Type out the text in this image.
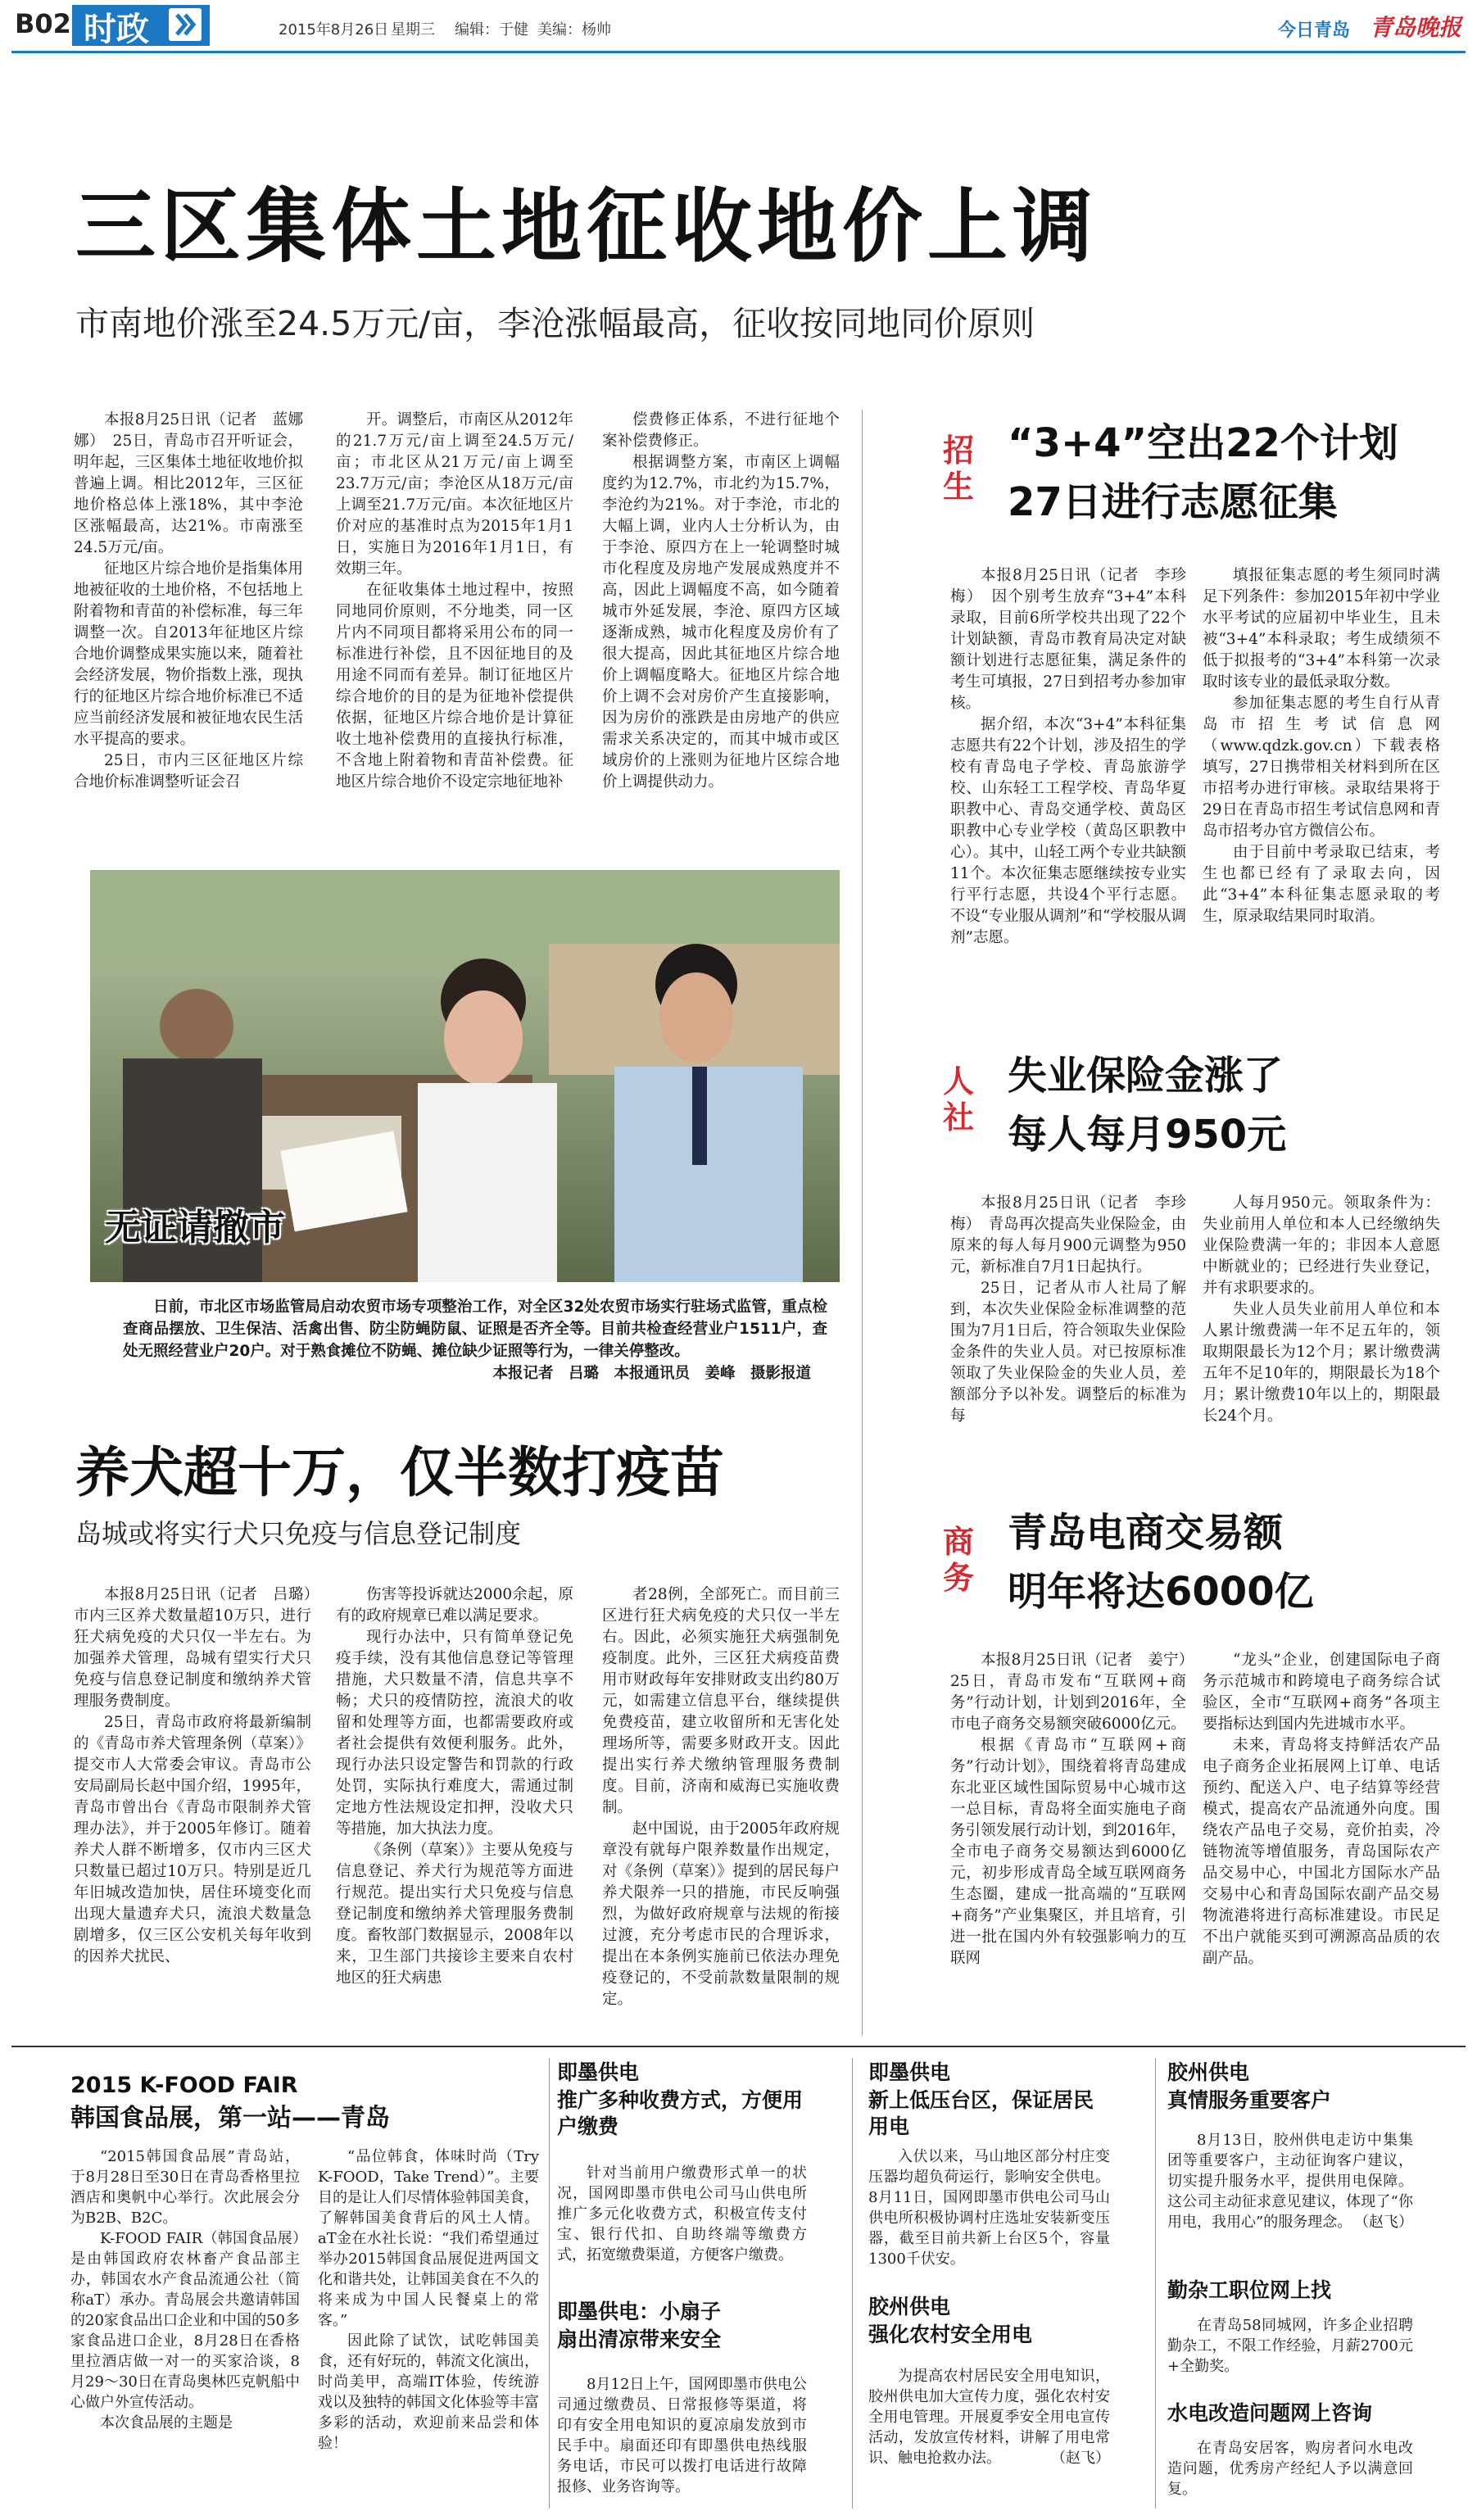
B02 时政	2015年8月26日 星期三 编辑：于健 美编：杨帅	今日青岛 青岛晚报
三区集体土地征收地价上调
市南地价涨至24.5万元/亩，李沧涨幅最高，征收按同地同价原则

本报8月25日讯（记者　蓝娜娜）　25日，青岛市召开听证会，明年起，三区集体土地征收地价拟普遍上调。相比2012年，三区征地价格总体上涨18%，其中李沧区涨幅最高，达21%。市南涨至24.5万元/亩。

征地区片综合地价是指集体用地被征收的土地价格，不包括地上附着物和青苗的补偿标准，每三年调整一次。自2013年征地区片综合地价调整成果实施以来，随着社会经济发展，物价指数上涨，现执行的征地区片综合地价标准已不适应当前经济发展和被征地农民生活水平提高的要求。

25日，市内三区征地区片综合地价标准调整听证会召

开。调整后，市南区从2012年的21.7万元/亩上调至24.5万元/亩；市北区从21万元/亩上调至23.7万元/亩；李沧区从18万元/亩上调至21.7万元/亩。本次征地区片价对应的基准时点为2015年1月1日，实施日为2016年1月1日，有效期三年。

在征收集体土地过程中，按照同地同价原则，不分地类，同一区片内不同项目都将采用公布的同一标准进行补偿，且不因征地目的及用途不同而有差异。制订征地区片综合地价的目的是为征地补偿提供依据，征地区片综合地价是计算征收土地补偿费用的直接执行标准，不含地上附着物和青苗补偿费。征地区片综合地价不设定宗地征地补

偿费修正体系，不进行征地个案补偿费修正。

根据调整方案，市南区上调幅度约为12.7%，市北约为15.7%，李沧约为21%。对于李沧，市北的大幅上调，业内人士分析认为，由于李沧、原四方在上一轮调整时城市化程度及房地产发展成熟度并不高，因此上调幅度不高，如今随着城市外延发展，李沧、原四方区域逐渐成熟，城市化程度及房价有了很大提高，因此其征地区片综合地价上调幅度略大。征地区片综合地价上调不会对房价产生直接影响，因为房价的涨跌是由房地产的供应需求关系决定的，而其中城市或区域房价的上涨则为征地片区综合地价上调提供动力。

无证请撤市

日前，市北区市场监管局启动农贸市场专项整治工作，对全区32处农贸市场实行驻场式监管，重点检查商品摆放、卫生保洁、活禽出售、防尘防蝇防鼠、证照是否齐全等。目前共检查经营业户1511户，查处无照经营业户20户。对于熟食摊位不防蝇、摊位缺少证照等行为，一律关停整改。

本报记者　吕璐　本报通讯员　姜峰　摄影报道
养犬超十万，仅半数打疫苗
岛城或将实行犬只免疫与信息登记制度

本报8月25日讯（记者　吕璐）　市内三区养犬数量超10万只，进行狂犬病免疫的犬只仅一半左右。为加强养犬管理，岛城有望实行犬只免疫与信息登记制度和缴纳养犬管理服务费制度。

25日，青岛市政府将最新编制的《青岛市养犬管理条例（草案）》提交市人大常委会审议。青岛市公安局副局长赵中国介绍，1995年，青岛市曾出台《青岛市限制养犬管理办法》，并于2005年修订。随着养犬人群不断增多，仅市内三区犬只数量已超过10万只。特别是近几年旧城改造加快，居住环境变化而出现大量遗弃犬只，流浪犬数量急剧增多，仅三区公安机关每年收到的因养犬扰民、

伤害等投诉就达2000余起，原有的政府规章已难以满足要求。

现行办法中，只有简单登记免疫手续，没有其他信息登记等管理措施，犬只数量不清，信息共享不畅；犬只的疫情防控，流浪犬的收留和处理等方面，也都需要政府或者社会提供有效便利服务。此外，现行办法只设定警告和罚款的行政处罚，实际执行难度大，需通过制定地方性法规设定扣押，没收犬只等措施，加大执法力度。

《条例（草案）》主要从免疫与信息登记、养犬行为规范等方面进行规范。提出实行犬只免疫与信息登记制度和缴纳养犬管理服务费制度。畜牧部门数据显示，2008年以来，卫生部门共接诊主要来自农村地区的狂犬病患

者28例，全部死亡。而目前三区进行狂犬病免疫的犬只仅一半左右。因此，必须实施狂犬病强制免疫制度。此外，三区狂犬病疫苗费用市财政每年安排财政支出约80万元，如需建立信息平台，继续提供免费疫苗，建立收留所和无害化处理场所等，需要多财政开支。因此提出实行养犬缴纳管理服务费制度。目前，济南和威海已实施收费制。

赵中国说，由于2005年政府规章没有就每户限养数量作出规定，对《条例（草案）》提到的居民每户养犬限养一只的措施，市民反响强烈，为做好政府规章与法规的衔接过渡，充分考虑市民的合理诉求，提出在本条例实施前已依法办理免疫登记的，不受前款数量限制的规定。

招生
“3+4”空出22个计划
27日进行志愿征集

本报8月25日讯（记者　李珍梅）　因个别考生放弃“3+4”本科录取，目前6所学校共出现了22个计划缺额，青岛市教育局决定对缺额计划进行志愿征集，满足条件的考生可填报，27日到招考办参加审核。

据介绍，本次“3+4”本科征集志愿共有22个计划，涉及招生的学校有青岛电子学校、青岛旅游学校、山东轻工工程学校、青岛华夏职教中心、青岛交通学校、黄岛区职教中心专业学校（黄岛区职教中心）。其中，山轻工两个专业共缺额11个。本次征集志愿继续按专业实行平行志愿，共设4个平行志愿。不设“专业服从调剂”和“学校服从调剂”志愿。

填报征集志愿的考生须同时满足下列条件：参加2015年初中学业水平考试的应届初中毕业生，且未被“3+4”本科录取；考生成绩须不低于拟报考的“3+4”本科第一次录取时该专业的最低录取分数。

参加征集志愿的考生自行从青岛市招生考试信息网（www.qdzk.gov.cn）下载表格填写，27日携带相关材料到所在区市招考办进行审核。录取结果将于29日在青岛市招生考试信息网和青岛市招考办官方微信公布。

由于目前中考录取已结束，考生也都已经有了录取去向，因此“3+4”本科征集志愿录取的考生，原录取结果同时取消。

人社
失业保险金涨了
每人每月950元

本报8月25日讯（记者　李珍梅）　青岛再次提高失业保险金，由原来的每人每月900元调整为950元，新标准自7月1日起执行。

25日，记者从市人社局了解到，本次失业保险金标准调整的范围为7月1日后，符合领取失业保险金条件的失业人员。对已按原标准领取了失业保险金的失业人员，差额部分予以补发。调整后的标准为每

人每月950元。领取条件为：失业前用人单位和本人已经缴纳失业保险费满一年的；非因本人意愿中断就业的；已经进行失业登记，并有求职要求的。

失业人员失业前用人单位和本人累计缴费满一年不足五年的，领取期限最长为12个月；累计缴费满五年不足10年的，期限最长为18个月；累计缴费10年以上的，期限最长24个月。

商务
青岛电商交易额
明年将达6000亿

本报8月25日讯（记者　姜宁）　25日，青岛市发布“互联网+商务”行动计划，计划到2016年，全市电子商务交易额突破6000亿元。

根据《青岛市“互联网+商务”行动计划》，围绕着将青岛建成东北亚区域性国际贸易中心城市这一总目标，青岛将全面实施电子商务引领发展行动计划，到2016年，全市电子商务交易额达到6000亿元，初步形成青岛全域互联网商务生态圈，建成一批高端的“互联网+商务”产业集聚区，并且培育，引进一批在国内外有较强影响力的互联网

“龙头”企业，创建国际电子商务示范城市和跨境电子商务综合试验区，全市“互联网+商务”各项主要指标达到国内先进城市水平。

未来，青岛将支持鲜活农产品电子商务企业拓展网上订单、电话预约、配送入户、电子结算等经营模式，提高农产品流通外向度。围绕农产品电子交易，竞价拍卖，冷链物流等增值服务，青岛国际农产品交易中心，中国北方国际水产品交易中心和青岛国际农副产品交易物流港将进行高标准建设。市民足不出户就能买到可溯源高品质的农副产品。

2015 K-FOOD FAIR
韩国食品展，第一站——青岛

“2015韩国食品展”青岛站，于8月28日至30日在青岛香格里拉酒店和奥帆中心举行。次此展会分为B2B、B2C。

K-FOOD FAIR（韩国食品展）是由韩国政府农林畜产食品部主办，韩国农水产食品流通公社（简称aT）承办。青岛展会共邀请韩国的20家食品出口企业和中国的50多家食品进口企业，8月28日在香格里拉酒店做一对一的买家洽谈，8月29～30日在青岛奥林匹克帆船中心做户外宣传活动。

本次食品展的主题是

“品位韩食，体味时尚（Try K-FOOD，Take Trend）”。主要目的是让人们尽情体验韩国美食，了解韩国美食背后的风土人情。aT金在水社长说：“我们希望通过举办2015韩国食品展促进两国文化和谐共处，让韩国美食在不久的将来成为中国人民餐桌上的常客。”

因此除了试饮，试吃韩国美食，还有好玩的，韩流文化演出，时尚美甲，高端IT体验，传统游戏以及独特的韩国文化体验等丰富多彩的活动，欢迎前来品尝和体验！

即墨供电
推广多种收费方式，方便用户缴费

针对当前用户缴费形式单一的状况，国网即墨市供电公司马山供电所推广多元化收费方式，积极宣传支付宝、银行代扣、自助终端等缴费方式，拓宽缴费渠道，方便客户缴费。

即墨供电：小扇子
扇出清凉带来安全

8月12日上午，国网即墨市供电公司通过缴费员、日常报修等渠道，将印有安全用电知识的夏凉扇发放到市民手中。扇面还印有即墨供电热线服务电话，市民可以拨打电话进行故障报修、业务咨询等。

即墨供电
新上低压台区，保证居民用电

入伏以来，马山地区部分村庄变压器均超负荷运行，影响安全供电。8月11日，国网即墨市供电公司马山供电所积极协调村庄选址安装新变压器，截至目前共新上台区5个，容量1300千伏安。

胶州供电
强化农村安全用电

为提高农村居民安全用电知识，胶州供电加大宣传力度，强化农村安全用电管理。开展夏季安全用电宣传活动，发放宣传材料，讲解了用电常识、触电抢救办法。	（赵飞）
胶州供电
真情服务重要客户

8月13日，胶州供电走访中集集团等重要客户，主动征询客户建议，切实提升服务水平，提供用电保障。这公司主动征求意见建议，体现了“你用电，我用心”的服务理念。 （赵飞）
勤杂工职位网上找

在青岛58同城网，许多企业招聘勤杂工，不限工作经验，月薪2700元+全勤奖。

水电改造问题网上咨询

在青岛安居客，购房者问水电改造问题，优秀房产经纪人予以满意回复。
